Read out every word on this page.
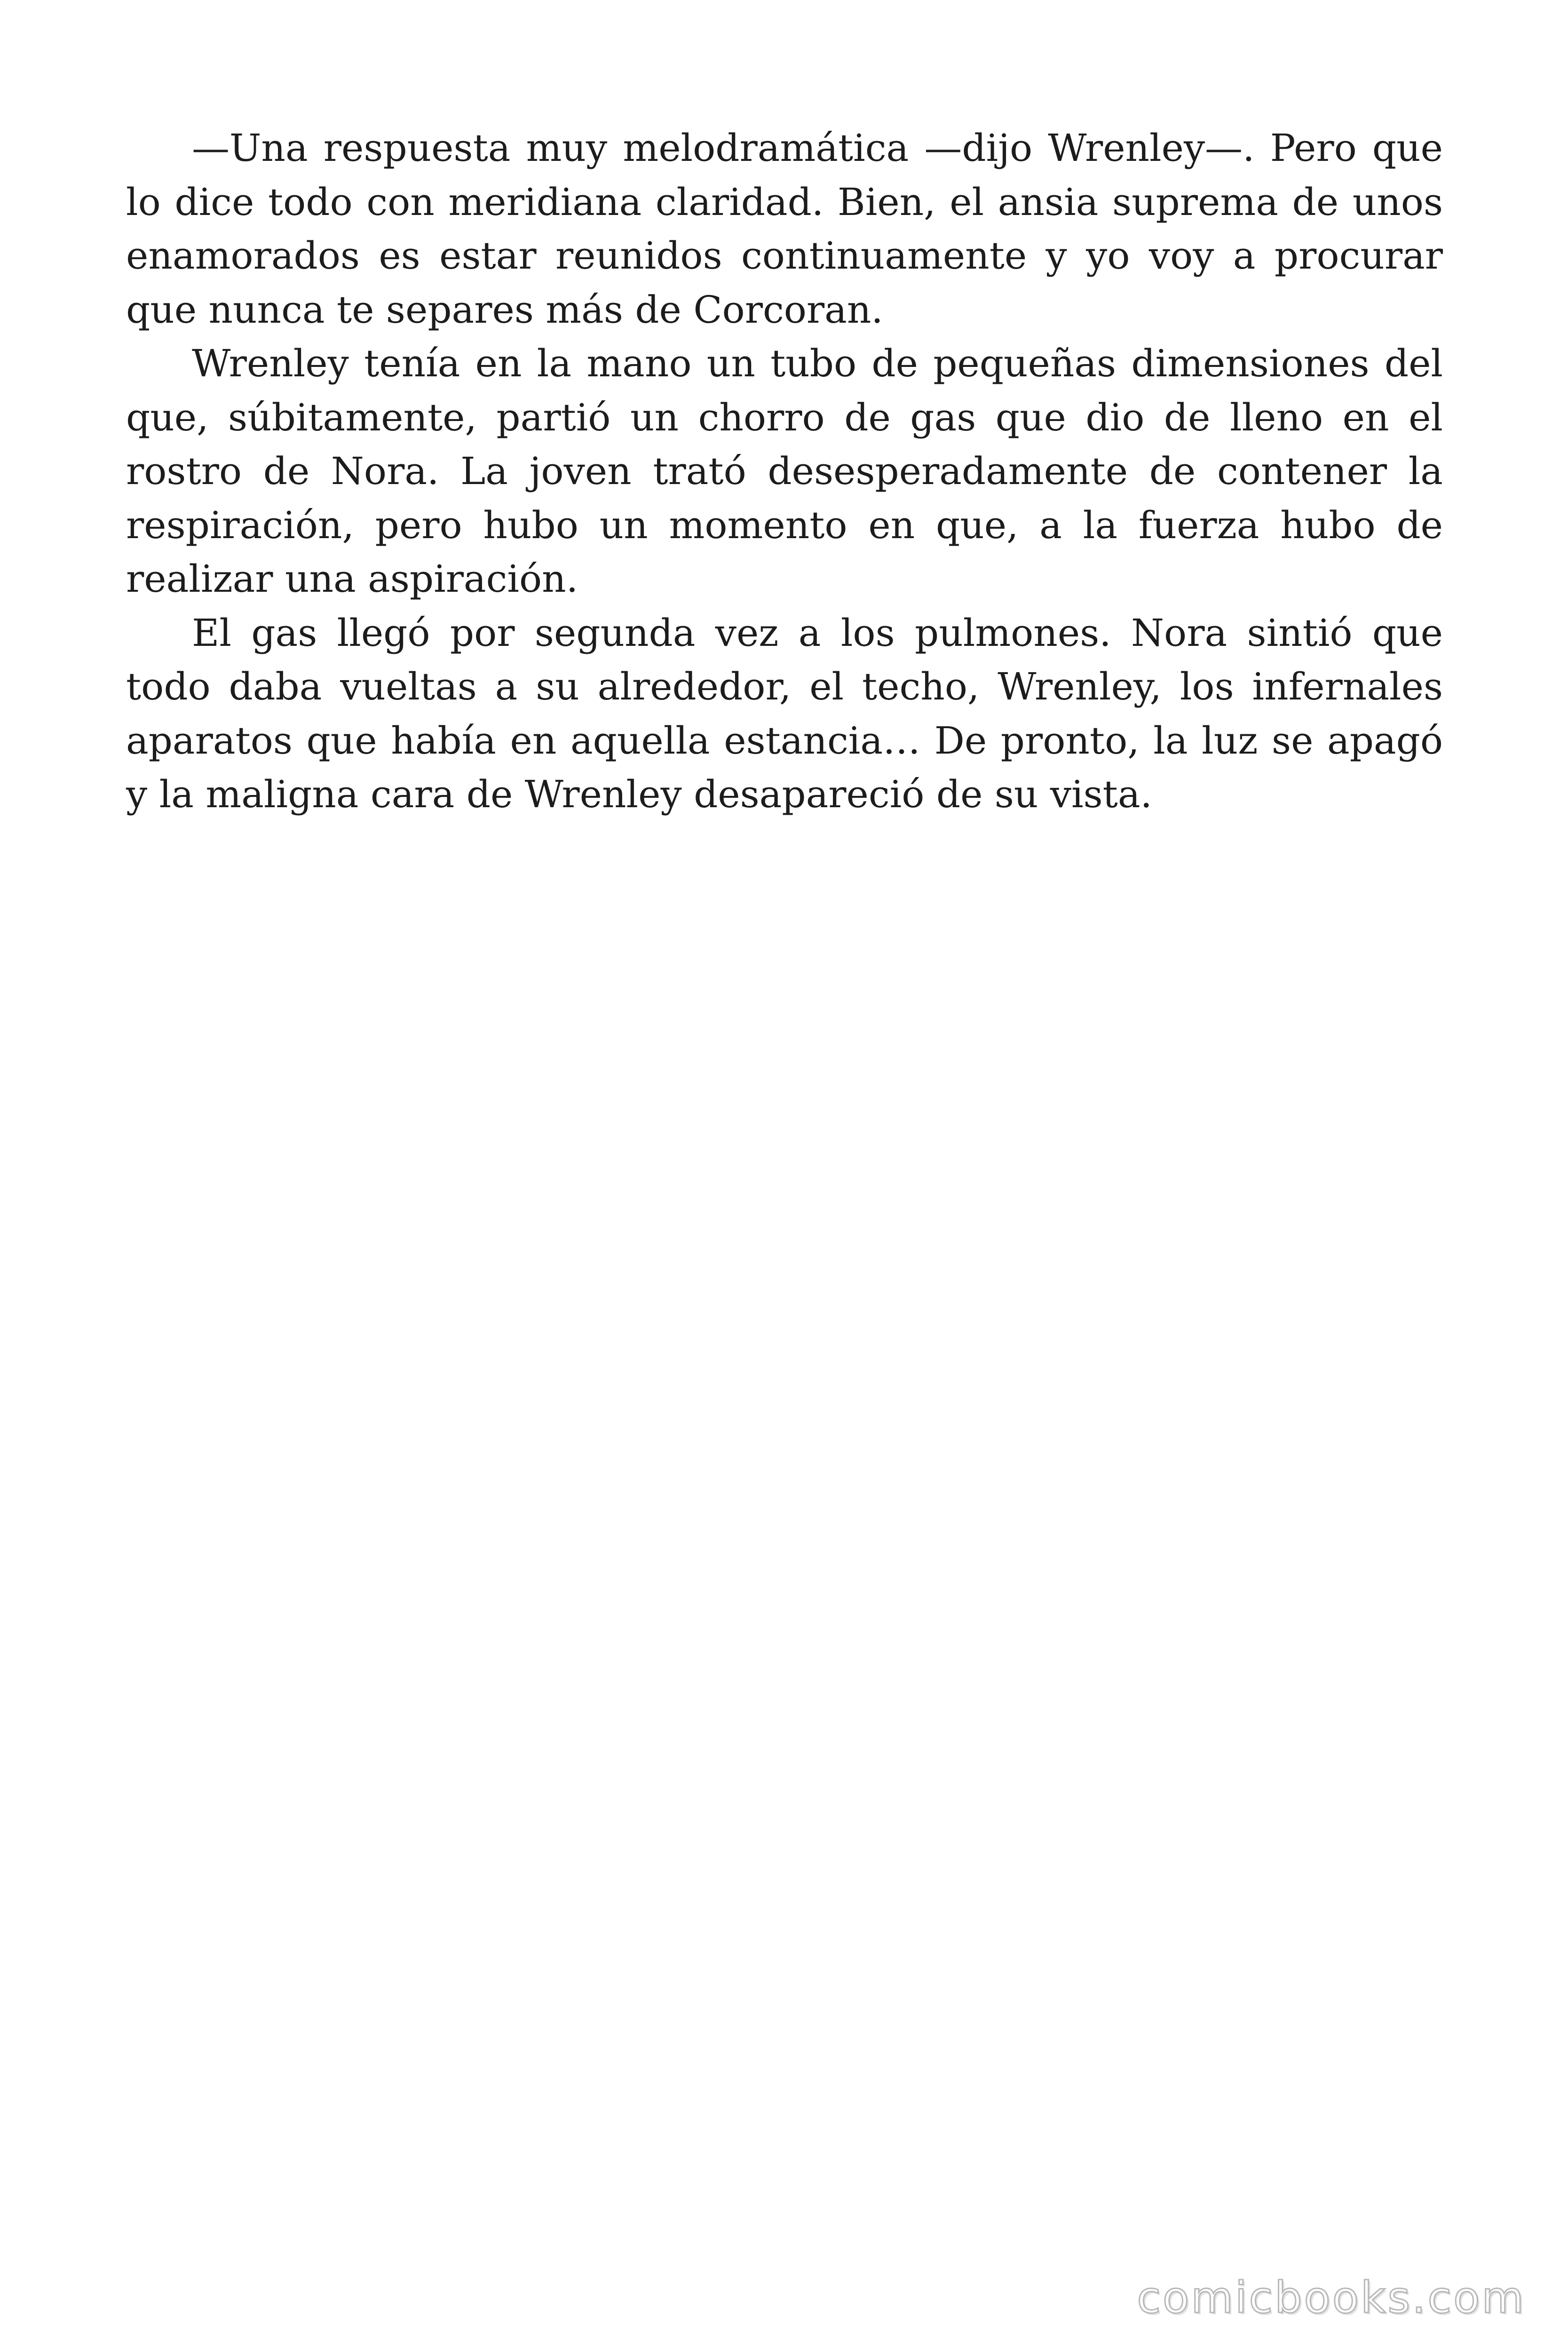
—Una respuesta muy melodramática —dijo Wrenley—. Pero que lo dice todo con meridiana claridad. Bien, el ansia suprema de unos enamorados es estar reunidos continuamente y yo voy a procurar que nunca te separes más de Corcoran.

Wrenley tenía en la mano un tubo de pequeñas dimensiones del que, súbitamente, partió un chorro de gas que dio de lleno en el rostro de Nora. La joven trató desesperadamente de contener la respiración, pero hubo un momento en que, a la fuerza hubo de realizar una aspiración.

El gas llegó por segunda vez a los pulmones. Nora sintió que todo daba vueltas a su alrededor, el techo, Wrenley, los infernales aparatos que había en aquella estancia… De pronto, la luz se apagó y la maligna cara de Wrenley desapareció de su vista.

comicbooks.com
